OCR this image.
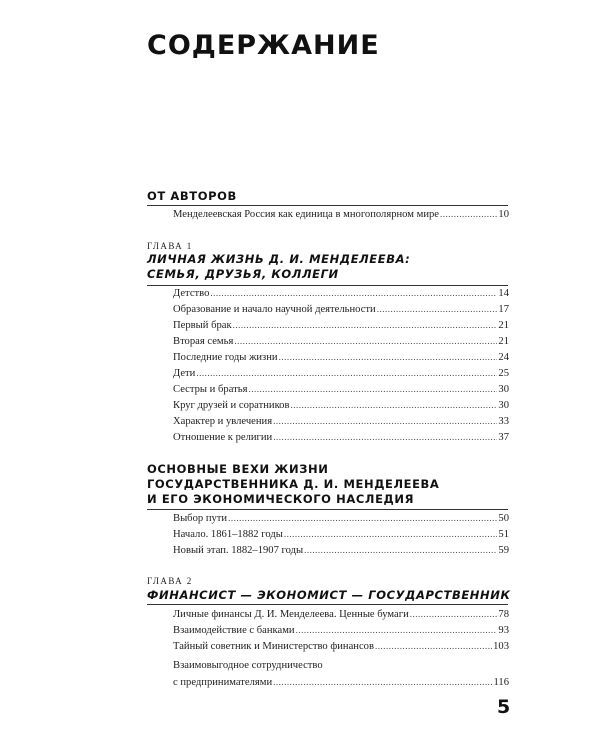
СОДЕРЖАНИЕ
ОТ АВТОРОВ
Менделеевская Россия как единица в многополярном мире .....	10
ГЛАВА 1
ЛИЧНАЯ ЖИЗНЬ Д. И. МЕНДЕЛЕЕВА:
СЕМЬЯ, ДРУЗЬЯ, КОЛЛЕГИ
Детство .....	14
Образование и начало научной деятельности .....	17
Первый брак .....	21
Вторая семья .....	21
Последние годы жизни .....	24
Дети .....	25
Сестры и братья .....	30
Круг друзей и соратников .....	30
Характер и увлечения .....	33
Отношение к религии .....	37
ОСНОВНЫЕ ВЕХИ ЖИЗНИ
ГОСУДАРСТВЕННИКА Д. И. МЕНДЕЛЕЕВА
И ЕГО ЭКОНОМИЧЕСКОГО НАСЛЕДИЯ
Выбор пути .....	50
Начало. 1861–1882 годы .....	51
Новый этап. 1882–1907 годы .....	59
ГЛАВА 2
ФИНАНСИСТ — ЭКОНОМИСТ — ГОСУДАРСТВЕННИК
Личные финансы Д. И. Менделеева. Ценные бумаги .....	78
Взаимодействие с банками .....	93
Тайный советник и Министерство финансов .....	103
Взаимовыгодное сотрудничество
с предпринимателями .....	116
5
